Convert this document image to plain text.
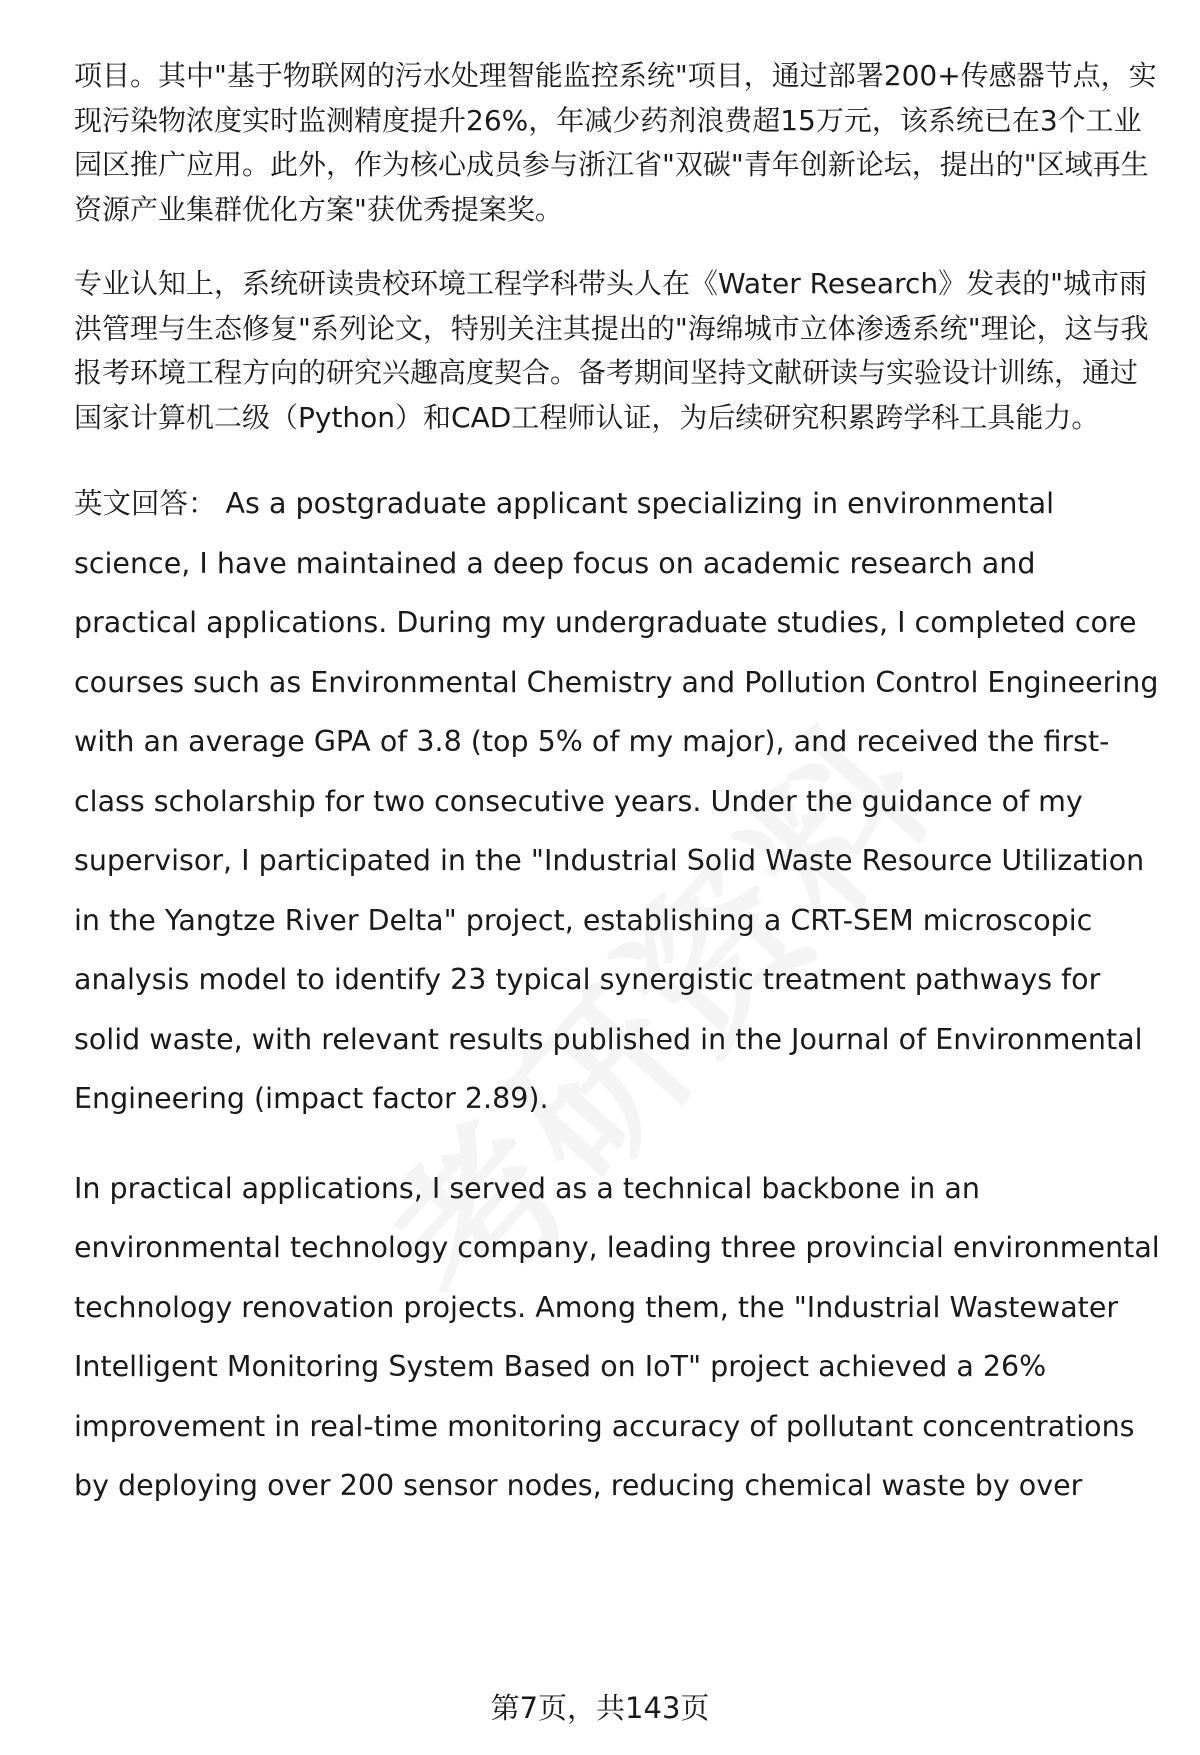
项目。其中"基于物联网的污水处理智能监控系统"项目，通过部署200+传感器节点，实现污染物浓度实时监测精度提升26%，年减少药剂浪费超15万元，该系统已在3个工业园区推广应用。此外，作为核心成员参与浙江省"双碳"青年创新论坛，提出的"区域再生资源产业集群优化方案"获优秀提案奖。

专业认知上，系统研读贵校环境工程学科带头人在《Water Research》发表的"城市雨洪管理与生态修复"系列论文，特别关注其提出的"海绵城市立体渗透系统"理论，这与我报考环境工程方向的研究兴趣高度契合。备考期间坚持文献研读与实验设计训练，通过国家计算机二级（Python）和CAD工程师认证，为后续研究积累跨学科工具能力。

英文回答： As a postgraduate applicant specializing in environmental science, I have maintained a deep focus on academic research and practical applications. During my undergraduate studies, I completed core courses such as Environmental Chemistry and Pollution Control Engineering with an average GPA of 3.8 (top 5% of my major), and received the first-class scholarship for two consecutive years. Under the guidance of my supervisor, I participated in the "Industrial Solid Waste Resource Utilization in the Yangtze River Delta" project, establishing a CRT-SEM microscopic analysis model to identify 23 typical synergistic treatment pathways for solid waste, with relevant results published in the Journal of Environmental Engineering (impact factor 2.89).

In practical applications, I served as a technical backbone in an environmental technology company, leading three provincial environmental technology renovation projects. Among them, the "Industrial Wastewater Intelligent Monitoring System Based on IoT" project achieved a 26% improvement in real-time monitoring accuracy of pollutant concentrations by deploying over 200 sensor nodes, reducing chemical waste by over

第7页，共143页
